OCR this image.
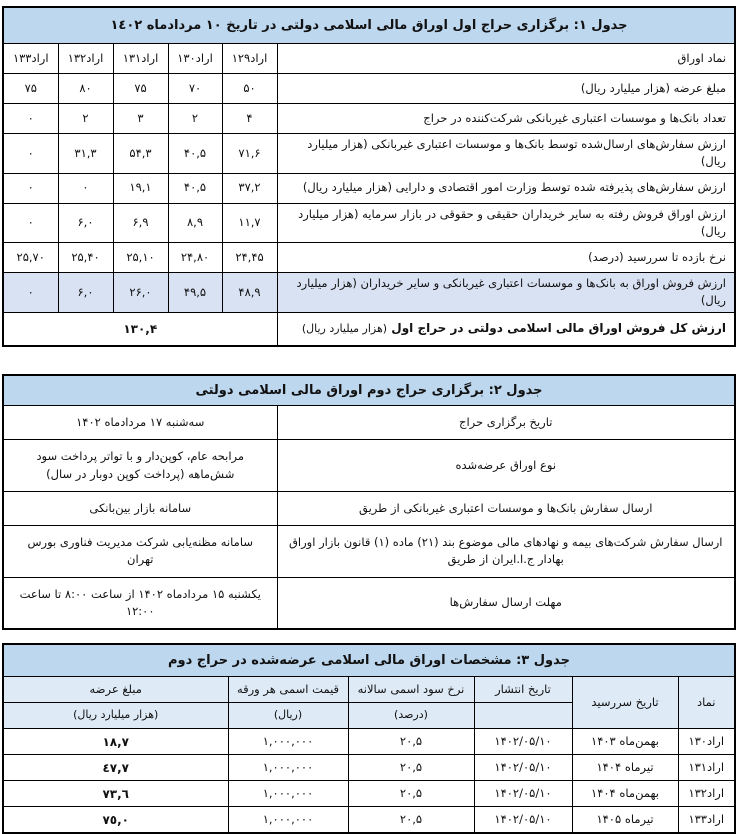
جدول ۱: برگزاری حراج اول اوراق مالی اسلامی دولتی در تاریخ ۱۰ مردادماه ۱٤۰۲					
نماد اوراق	اراد۱۲۹	اراد۱۳۰	اراد۱۳۱	اراد۱۳۲	اراد۱۳۳
مبلغ عرضه (هزار میلیارد ریال)	۵۰	۷۰	۷۵	۸۰	۷۵
تعداد بانک‌ها و موسسات اعتباری غیربانکی شرکت‌کننده در حراج	۴	۲	۳	۲	۰
ارزش سفارش‌های ارسال‌شده توسط بانک‌ها و موسسات اعتباری غیربانکی (هزار میلیارد ریال)	۷۱,۶	۴۰,۵	۵۴,۳	۳۱,۳	۰
ارزش سفارش‌های پذیرفته شده توسط وزارت امور اقتصادی و دارایی (هزار میلیارد ریال)	۳۷,۲	۴۰,۵	۱۹,۱	۰	۰
ارزش اوراق فروش رفته به سایر خریداران حقیقی و حقوقی در بازار سرمایه (هزار میلیارد ریال)	۱۱,۷	۸,۹	۶,۹	۶,۰	۰
نرخ بازده تا سررسید (درصد)	۲۴,۴۵	۲۴,۸۰	۲۵,۱۰	۲۵,۴۰	۲۵,۷۰
ارزش فروش اوراق به بانک‌ها و موسسات اعتباری غیربانکی و سایر خریداران (هزار میلیارد ریال)	۴۸,۹	۴۹,۵	۲۶,۰	۶,۰	۰
ارزش کل فروش اوراق مالی اسلامی دولتی در حراج اول (هزار میلیارد ریال)	۱۳۰,۴				
جدول ۲: برگزاری حراج دوم اوراق مالی اسلامی دولتی	
تاریخ برگزاری حراج	سه‌شنبه ۱۷ مردادماه ۱۴۰۲
نوع اوراق عرضه‌شده	مرابحه عام، کوپن‌دار و با تواتر پرداخت سود شش‌ماهه (پرداخت کوپن دوبار در سال)
ارسال سفارش بانک‌ها و موسسات اعتباری غیربانکی از طریق	سامانه بازار بین‌بانکی
ارسال سفارش شرکت‌های بیمه و نهادهای مالی موضوع بند (۲۱) ماده (۱) قانون بازار اوراق بهادار ج.ا.ایران از طریق	سامانه مظنه‌یابی شرکت مدیریت فناوری بورس تهران
مهلت ارسال سفارش‌ها	یکشنبه ۱۵ مردادماه ۱۴۰۲ از ساعت ۸:۰۰ تا ساعت ۱۲:۰۰
جدول ۳: مشخصات اوراق مالی اسلامی عرضه‌شده در حراج دوم					
نماد	تاریخ سررسید	تاریخ انتشار	نرخ سود اسمی سالانه	قیمت اسمی هر ورقه	مبلغ عرضه
			(درصد)	(ریال)	(هزار میلیارد ریال)
اراد۱۳۰	بهمن‌ماه ۱۴۰۳	۱۴۰۲/۰۵/۱۰	۲۰,۵	۱,۰۰۰,۰۰۰	۱۸,۷
اراد۱۳۱	تیرماه ۱۴۰۴	۱۴۰۲/۰۵/۱۰	۲۰,۵	۱,۰۰۰,۰۰۰	٤٧,٧
اراد۱۳۲	بهمن‌ماه ۱۴۰۴	۱۴۰۲/۰۵/۱۰	۲۰,۵	۱,۰۰۰,۰۰۰	٧٣,٦
اراد۱۳۳	تیرماه ۱۴۰۵	۱۴۰۲/۰۵/۱۰	۲۰,۵	۱,۰۰۰,۰۰۰	٧٥,٠
